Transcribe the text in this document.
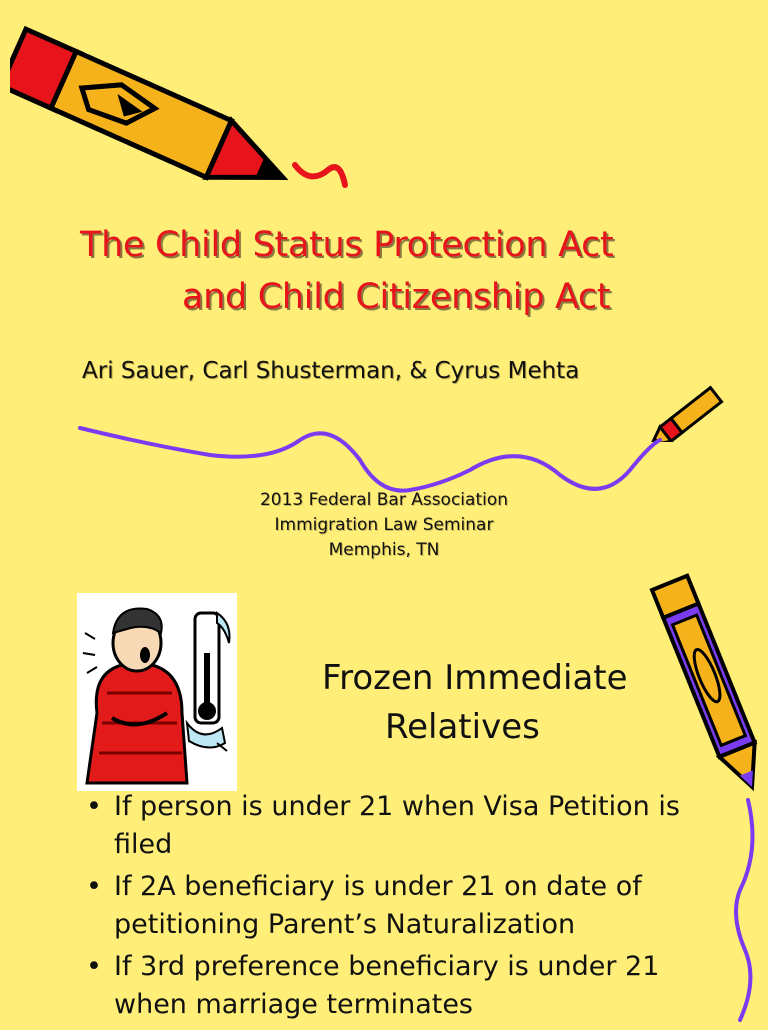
The Child Status Protection Act
and Child Citizenship Act
Ari Sauer, Carl Shusterman, & Cyrus Mehta
2013 Federal Bar Association
Immigration Law Seminar
Memphis, TN
Frozen Immediate
Relatives
• If person is under 21 when Visa Petition is filed
• If 2A beneficiary is under 21 on date of petitioning Parent’s Naturalization
• If 3rd preference beneficiary is under 21 when marriage terminates
